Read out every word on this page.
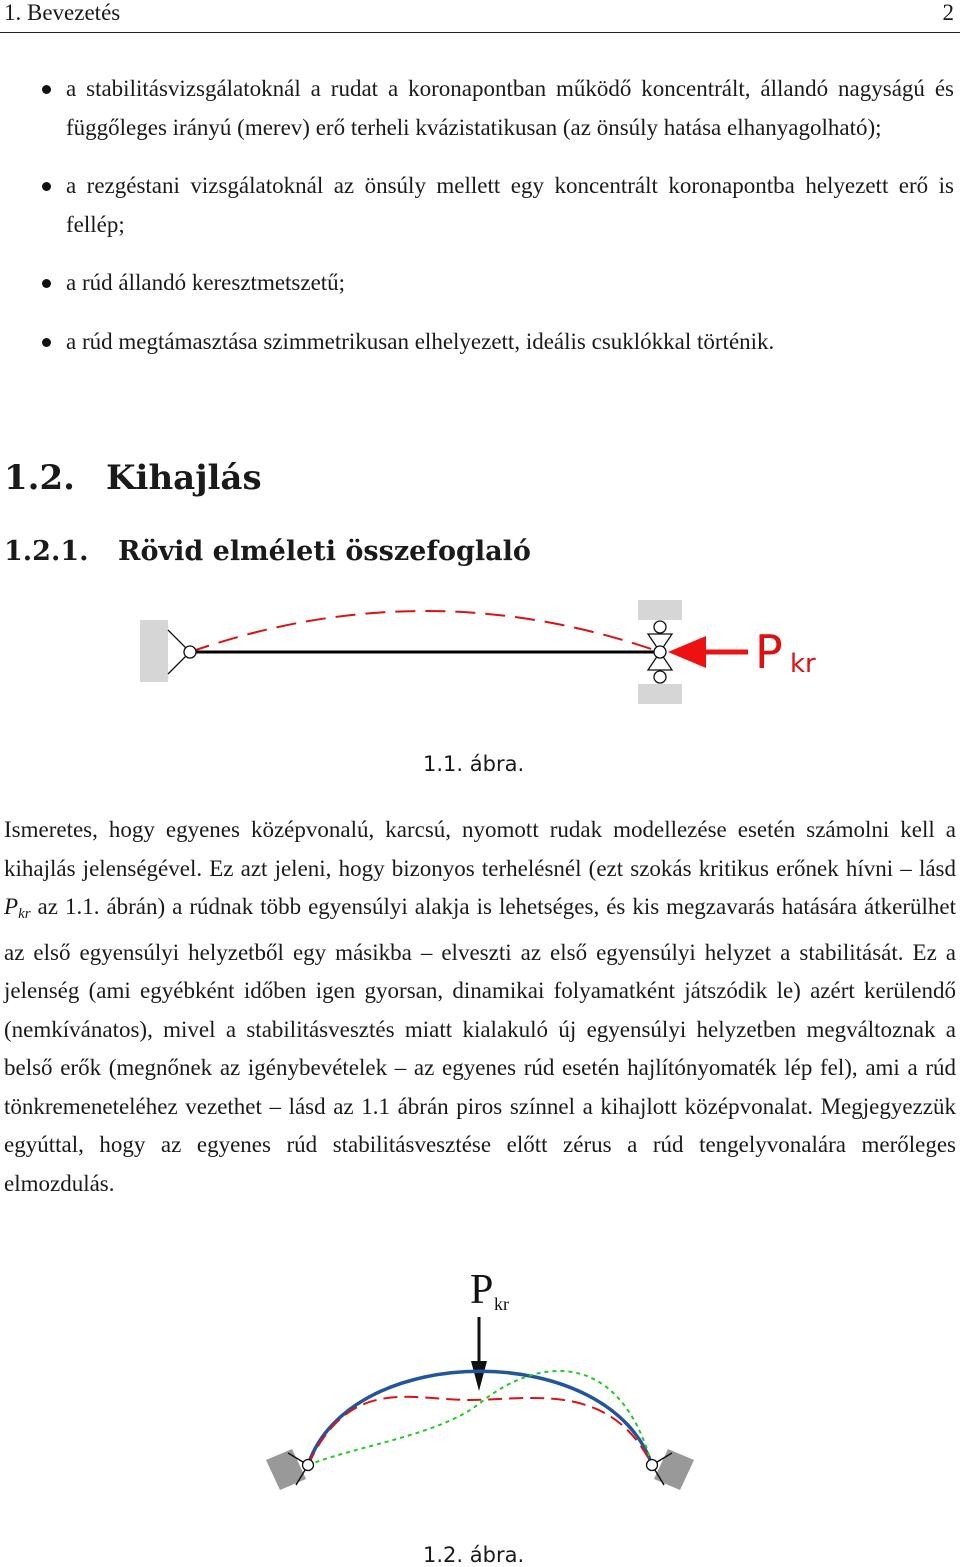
1. Bevezetés	2
a stabilitásvizsgálatoknál a rudat a koronapontban működő koncentrált, állandó nagyságú és függőleges irányú (merev) erő terheli kvázistatikusan (az önsúly hatása elhanyagolható);
a rezgéstani vizsgálatoknál az önsúly mellett egy koncentrált koronapontba helyezett erő is fellép;
a rúd állandó keresztmetszetű;
a rúd megtámasztása szimmetrikusan elhelyezett, ideális csuklókkal történik.
1.2. Kihajlás
1.2.1. Rövid elméleti összefoglaló
P kr
1.1. ábra.

Ismeretes, hogy egyenes középvonalú, karcsú, nyomott rudak modellezése esetén számolni kell a kihajlás jelenségével. Ez azt jeleni, hogy bizonyos terhelésnél (ezt szokás kritikus erőnek hívni – lásd $P_{kr}$ az 1.1. ábrán) a rúdnak több egyensúlyi alakja is lehetséges, és kis megzavarás hatására átkerülhet az első egyensúlyi helyzetből egy másikba – elveszti az első egyensúlyi helyzet a stabilitását. Ez a jelenség (ami egyébként időben igen gyorsan, dinamikai folyamatként játszódik le) azért kerülendő (nemkívánatos), mivel a stabilitásvesztés miatt kialakuló új egyensúlyi helyzetben megváltoznak a belső erők (megnőnek az igénybevételek – az egyenes rúd esetén hajlítónyomaték lép fel), ami a rúd tönkremeneteléhez vezethet – lásd az 1.1 ábrán piros színnel a kihajlott középvonalat. Megjegyezzük egyúttal, hogy az egyenes rúd stabilitásvesztése előtt zérus a rúd tengelyvonalára merőleges elmozdulás.

P kr
1.2. ábra.
